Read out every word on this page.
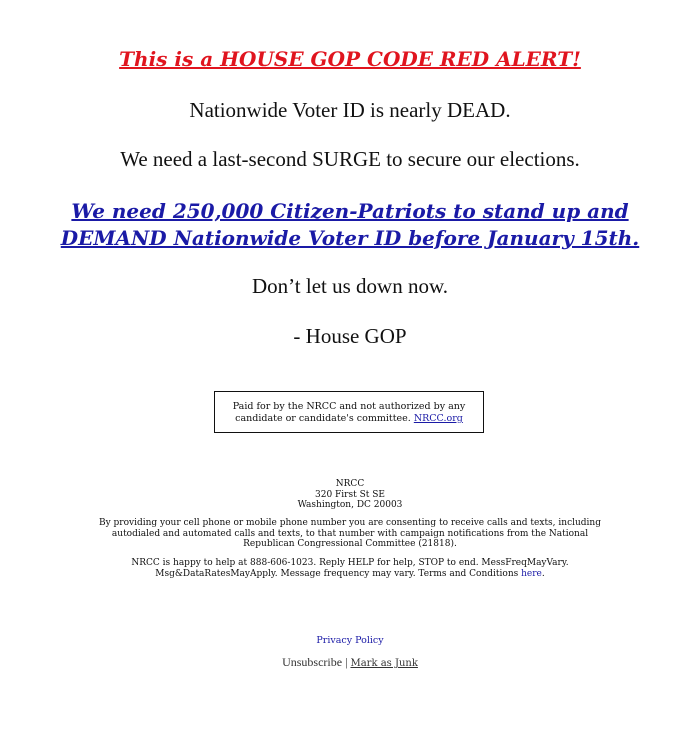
This is a HOUSE GOP CODE RED ALERT!
Nationwide Voter ID is nearly DEAD.
We need a last-second SURGE to secure our elections.
We need 250,000 Citizen-Patriots to stand up and
DEMAND Nationwide Voter ID before January 15th.
Don’t let us down now.
- House GOP
Paid for by the NRCC and not authorized by any
candidate or candidate's committee. NRCC.org
NRCC
320 First St SE
Washington, DC 20003
By providing your cell phone or mobile phone number you are consenting to receive calls and texts, including
autodialed and automated calls and texts, to that number with campaign notifications from the National
Republican Congressional Committee (21818).
NRCC is happy to help at 888-606-1023. Reply HELP for help, STOP to end. MessFreqMayVary.
Msg&DataRatesMayApply. Message frequency may vary. Terms and Conditions here.
Privacy Policy
Unsubscribe | Mark as Junk
